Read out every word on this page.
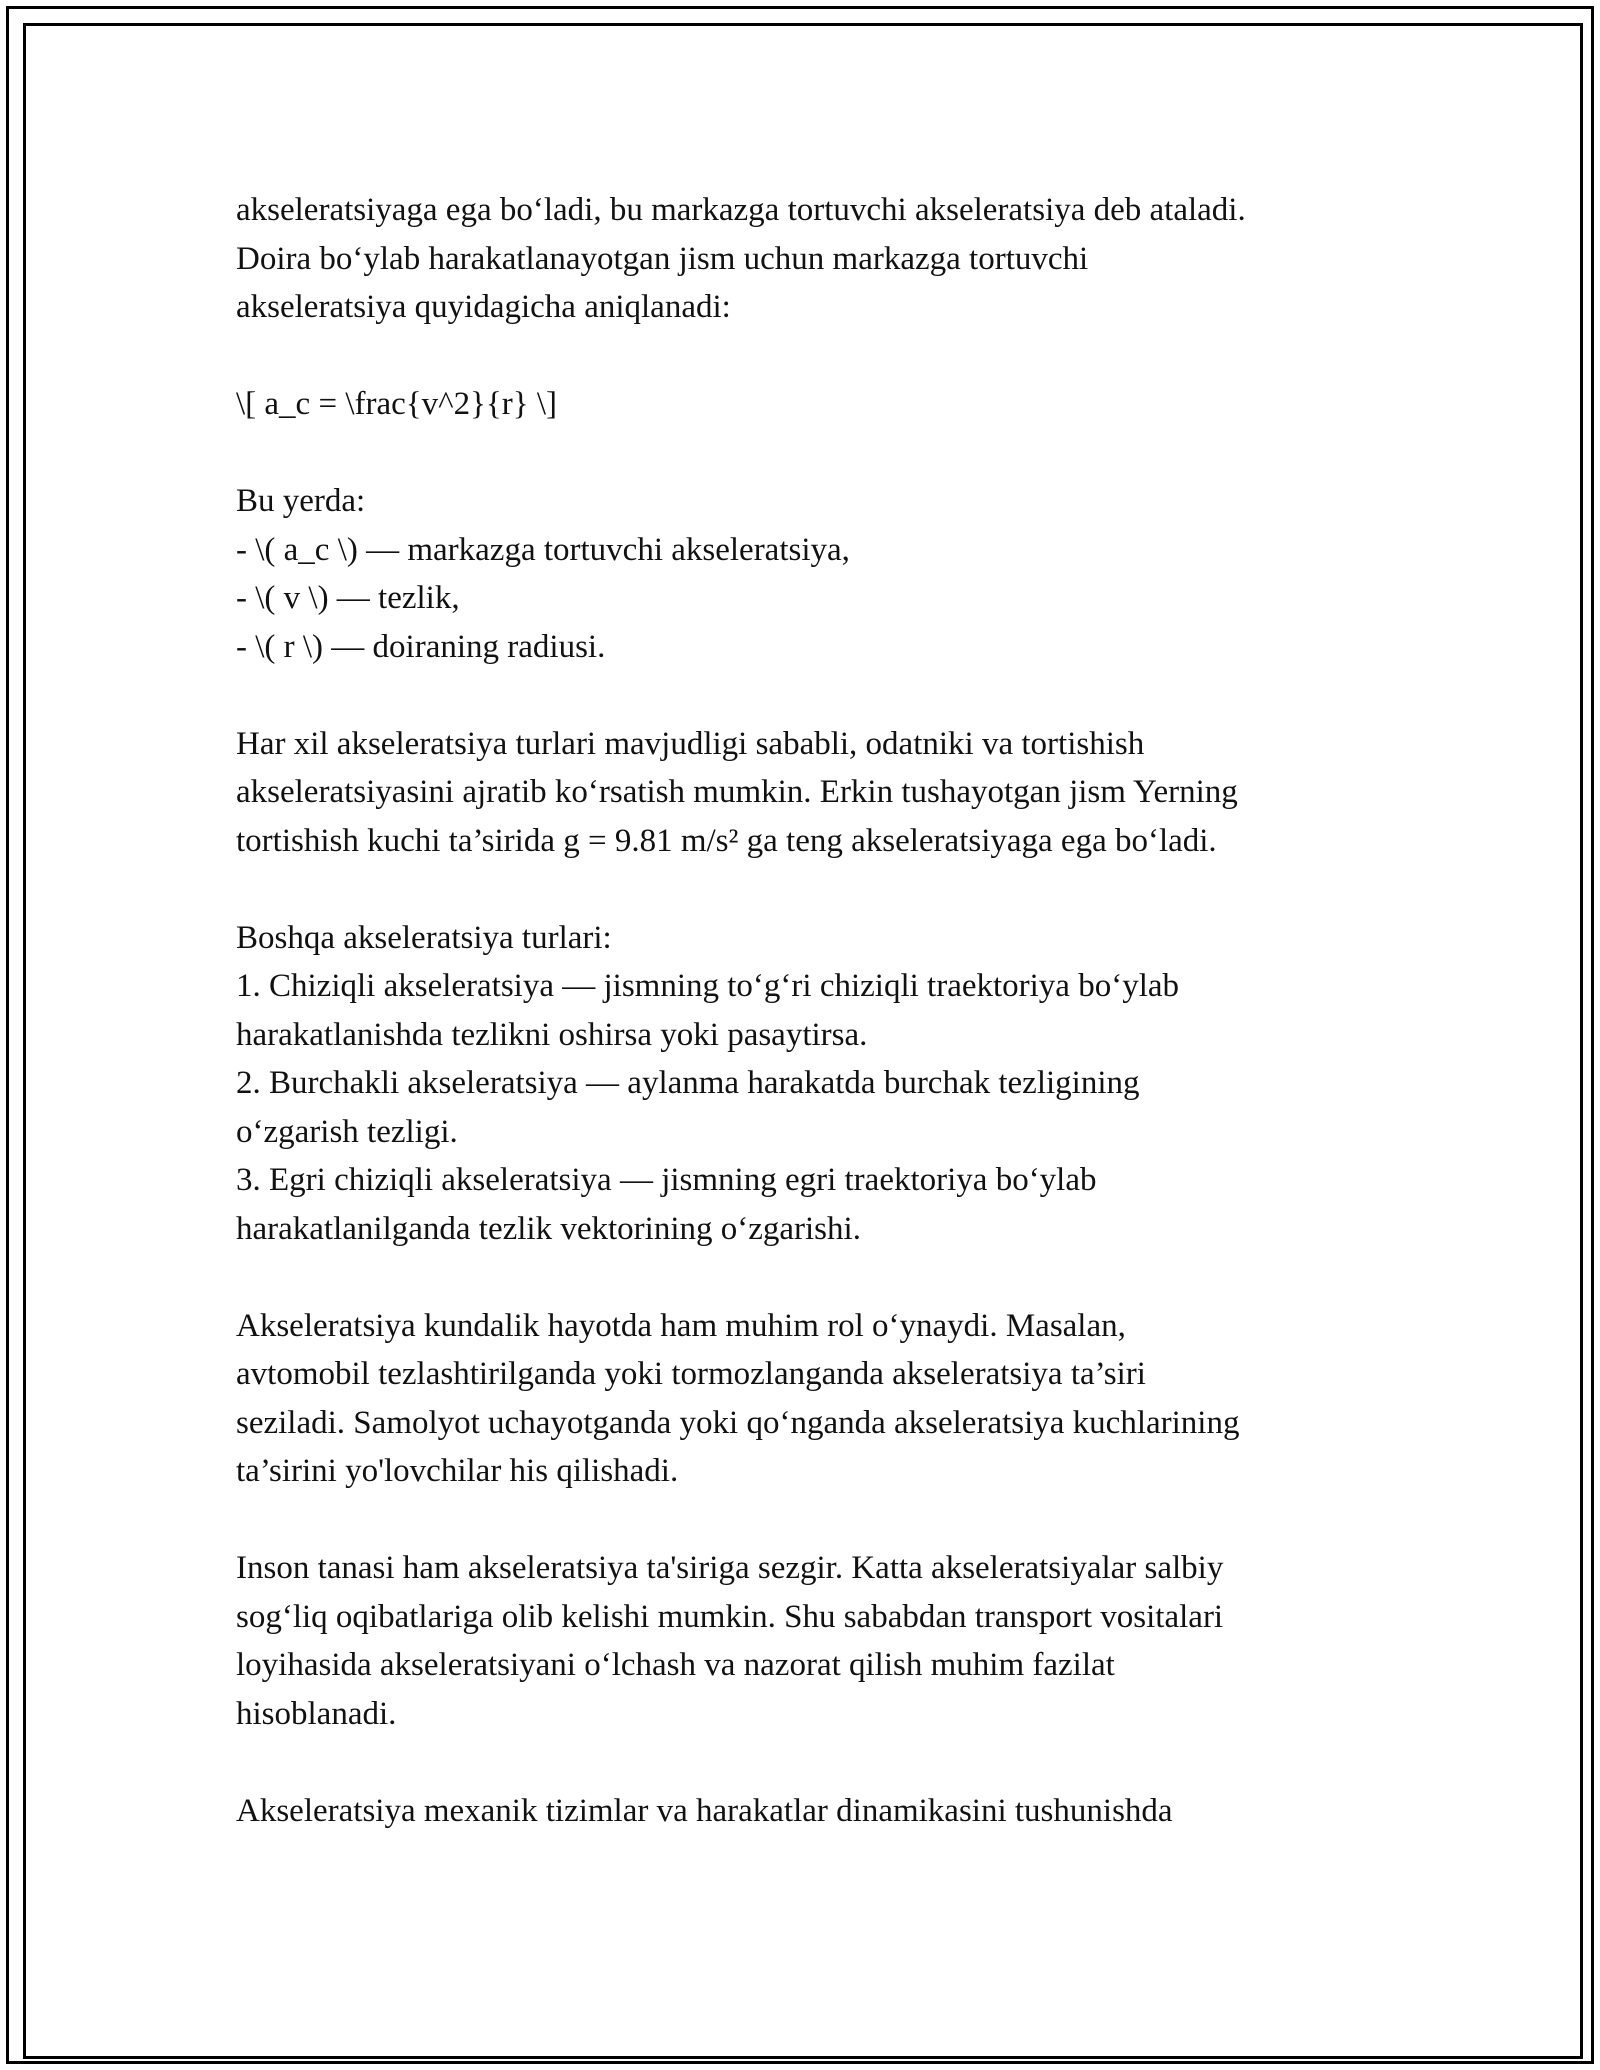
akseleratsiyaga ega bo‘ladi, bu markazga tortuvchi akseleratsiya deb ataladi.
Doira bo‘ylab harakatlanayotgan jism uchun markazga tortuvchi
akseleratsiya quyidagicha aniqlanadi:
\[ a_c = \frac{v^2}{r} \]
Bu yerda:
- \( a_c \) — markazga tortuvchi akseleratsiya,
- \( v \) — tezlik,
- \( r \) — doiraning radiusi.
Har xil akseleratsiya turlari mavjudligi sababli, odatniki va tortishish
akseleratsiyasini ajratib ko‘rsatish mumkin. Erkin tushayotgan jism Yerning
tortishish kuchi ta’sirida g = 9.81 m/s² ga teng akseleratsiyaga ega bo‘ladi.
Boshqa akseleratsiya turlari:
1. Chiziqli akseleratsiya — jismning to‘g‘ri chiziqli traektoriya bo‘ylab
harakatlanishda tezlikni oshirsa yoki pasaytirsa.
2. Burchakli akseleratsiya — aylanma harakatda burchak tezligining
o‘zgarish tezligi.
3. Egri chiziqli akseleratsiya — jismning egri traektoriya bo‘ylab
harakatlanilganda tezlik vektorining o‘zgarishi.
Akseleratsiya kundalik hayotda ham muhim rol o‘ynaydi. Masalan,
avtomobil tezlashtirilganda yoki tormozlanganda akseleratsiya ta’siri
seziladi. Samolyot uchayotganda yoki qo‘nganda akseleratsiya kuchlarining
ta’sirini yo'lovchilar his qilishadi.
Inson tanasi ham akseleratsiya ta'siriga sezgir. Katta akseleratsiyalar salbiy
sog‘liq oqibatlariga olib kelishi mumkin. Shu sababdan transport vositalari
loyihasida akseleratsiyani o‘lchash va nazorat qilish muhim fazilat
hisoblanadi.
Akseleratsiya mexanik tizimlar va harakatlar dinamikasini tushunishda
